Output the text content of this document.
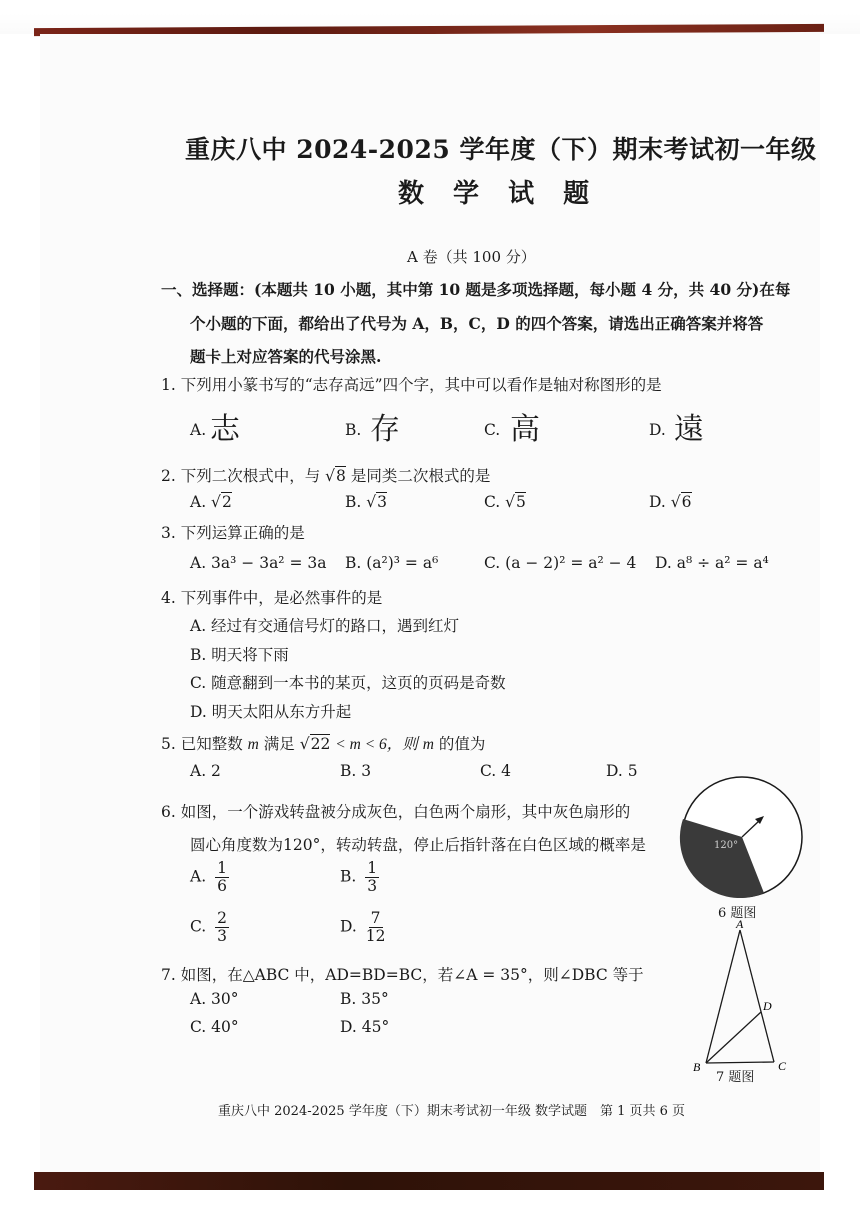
重庆八中 2024-2025 学年度（下）期末考试初一年级
数 学 试 题
A 卷（共 100 分）
一、选择题：(本题共 10 小题，其中第 10 题是多项选择题，每小题 4 分，共 40 分)在每
个小题的下面，都给出了代号为 A，B，C，D 的四个答案，请选出正确答案并将答
题卡上对应答案的代号涂黑.
1. 下列用小篆书写的“志存高远”四个字，其中可以看作是轴对称图形的是
A. 志	B. 存	C. 高	D. 遠
2. 下列二次根式中，与 √8 是同类二次根式的是
A. √2	B. √3	C. √5	D. √6
3. 下列运算正确的是
A. 3a³ − 3a² = 3a B. (a²)³ = a⁶	C. (a − 2)² = a² − 4 D. a⁸ ÷ a² = a⁴
4. 下列事件中，是必然事件的是
A. 经过有交通信号灯的路口，遇到红灯
B. 明天将下雨
C. 随意翻到一本书的某页，这页的页码是奇数
D. 明天太阳从东方升起
5. 已知整数 m 满足 √22 < m < 6，则 m 的值为
A. 2	B. 3	C. 4	D. 5
6. 如图，一个游戏转盘被分成灰色，白色两个扇形，其中灰色扇形的
圆心角度数为120°，转动转盘，停止后指针落在白色区域的概率是
A. $\frac{1}{6}$	B. $\frac{1}{3}$
C. $\frac{2}{3}$	D. $\frac{7}{12}$
120°
6 题图
7. 如图，在△ABC 中，AD=BD=BC，若∠A = 35°，则∠DBC 等于
A. 30°	B. 35°
C. 40°	D. 45°
A
B	C
D
7 题图
重庆八中 2024-2025 学年度（下）期末考试初一年级 数学试题　第 1 页共 6 页
